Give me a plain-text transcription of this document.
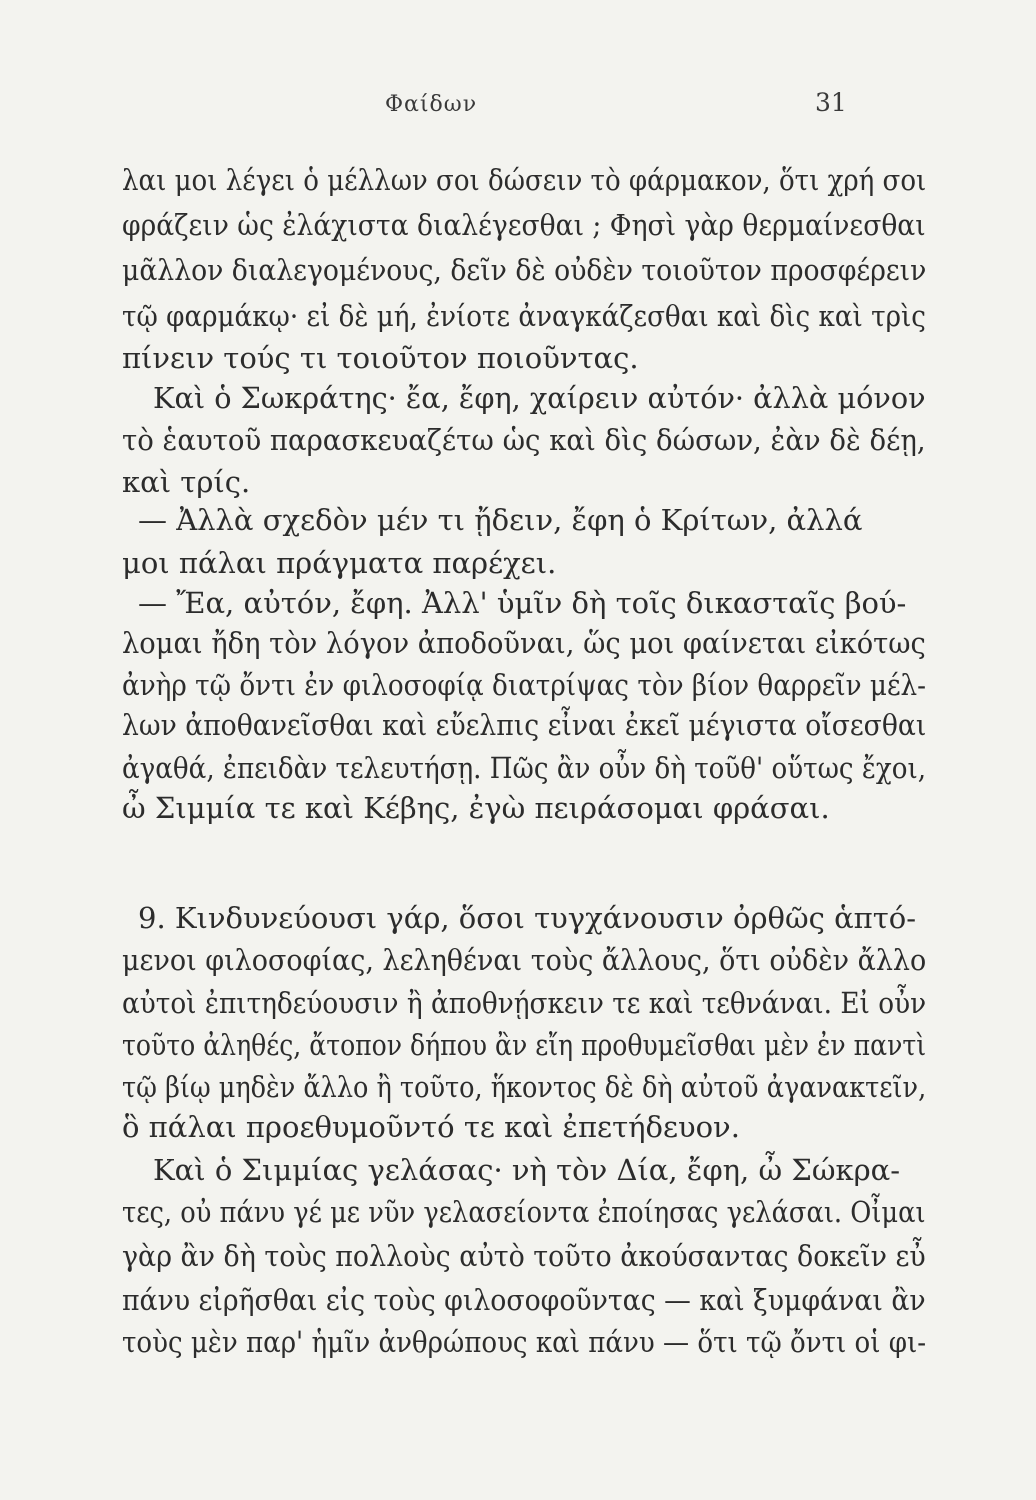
Φαίδων	31
λαι μοι λέγει ὁ μέλλων σοι δώσειν τὸ φάρμακον, ὅτι χρή σοι
φράζειν ὡς ἐλάχιστα διαλέγεσθαι ; Φησὶ γὰρ θερμαίνεσθαι
μᾶλλον διαλεγομένους, δεῖν δὲ οὐδὲν τοιοῦτον προσφέρειν
τῷ φαρμάκῳ· εἰ δὲ μή, ἐνίοτε ἀναγκάζεσθαι καὶ δὶς καὶ τρὶς
πίνειν τούς τι τοιοῦτον ποιοῦντας.
Καὶ ὁ Σωκράτης· ἔα, ἔφη, χαίρειν αὐτόν· ἀλλὰ μόνον
τὸ ἑαυτοῦ παρασκευαζέτω ὡς καὶ δὶς δώσων, ἐὰν δὲ δέῃ,
καὶ τρίς.
— Ἀλλὰ σχεδὸν μέν τι ᾔδειν, ἔφη ὁ Κρίτων, ἀλλά
μοι πάλαι πράγματα παρέχει.
— Ἔα, αὐτόν, ἔφη. Ἀλλ' ὑμῖν δὴ τοῖς δικασταῖς βού-
λομαι ἤδη τὸν λόγον ἀποδοῦναι, ὥς μοι φαίνεται εἰκότως
ἀνὴρ τῷ ὄντι ἐν φιλοσοφίᾳ διατρίψας τὸν βίον θαρρεῖν μέλ-
λων ἀποθανεῖσθαι καὶ εὔελπις εἶναι ἐκεῖ μέγιστα οἴσεσθαι
ἀγαθά, ἐπειδὰν τελευτήσῃ. Πῶς ἂν οὖν δὴ τοῦθ' οὕτως ἔχοι,
ὦ Σιμμία τε καὶ Κέβης, ἐγὼ πειράσομαι φράσαι.
9. Κινδυνεύουσι γάρ, ὅσοι τυγχάνουσιν ὀρθῶς ἁπτό-
μενοι φιλοσοφίας, λεληθέναι τοὺς ἄλλους, ὅτι οὐδὲν ἄλλο
αὐτοὶ ἐπιτηδεύουσιν ἢ ἀποθνῄσκειν τε καὶ τεθνάναι. Εἰ οὖν
τοῦτο ἀληθές, ἄτοπον δήπου ἂν εἴη προθυμεῖσθαι μὲν ἐν παντὶ
τῷ βίῳ μηδὲν ἄλλο ἢ τοῦτο, ἥκοντος δὲ δὴ αὐτοῦ ἀγανακτεῖν,
ὃ πάλαι προεθυμοῦντό τε καὶ ἐπετήδευον.
Καὶ ὁ Σιμμίας γελάσας· νὴ τὸν Δία, ἔφη, ὦ Σώκρα-
τες, οὐ πάνυ γέ με νῦν γελασείοντα ἐποίησας γελάσαι. Οἶμαι
γὰρ ἂν δὴ τοὺς πολλοὺς αὐτὸ τοῦτο ἀκούσαντας δοκεῖν εὖ
πάνυ εἰρῆσθαι εἰς τοὺς φιλοσοφοῦντας — καὶ ξυμφάναι ἂν
τοὺς μὲν παρ' ἡμῖν ἀνθρώπους καὶ πάνυ — ὅτι τῷ ὄντι οἱ φι-
